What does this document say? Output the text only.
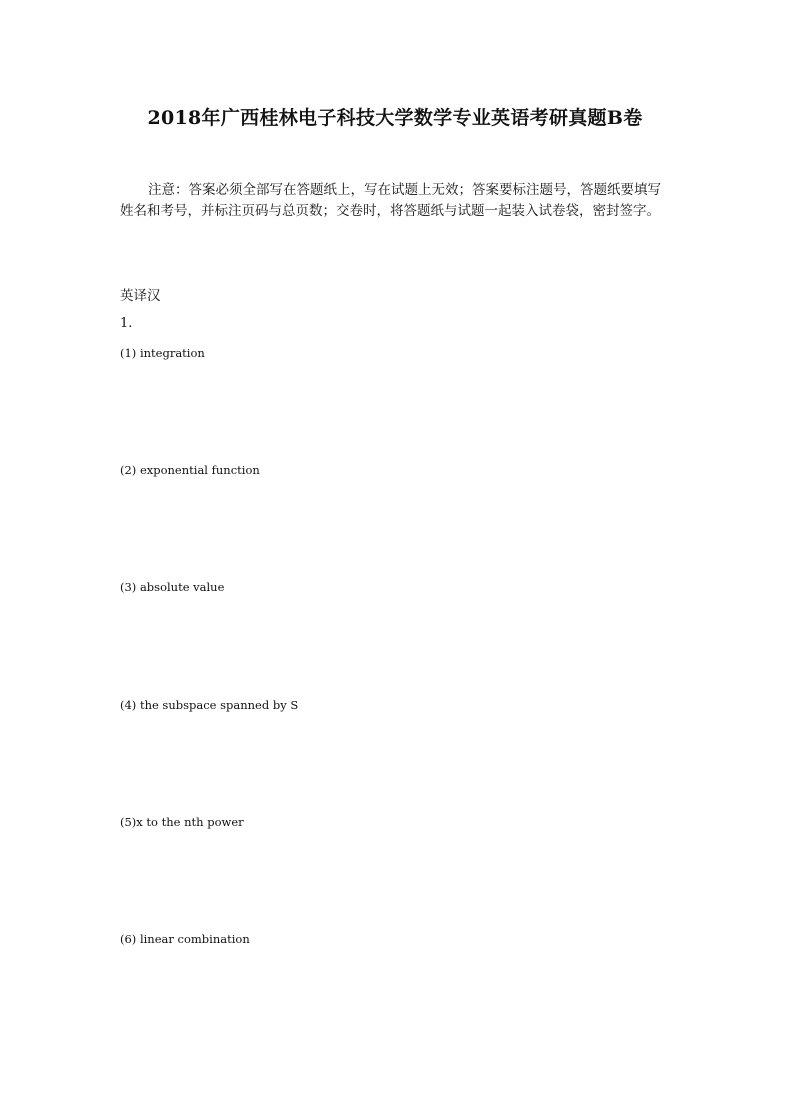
2018年广西桂林电子科技大学数学专业英语考研真题B卷

注意：答案必须全部写在答题纸上，写在试题上无效；答案要标注题号，答题纸要填写姓名和考号，并标注页码与总页数；交卷时，将答题纸与试题一起装入试卷袋，密封签字。

英译汉
1.
(1) integration
(2) exponential function
(3) absolute value
(4) the subspace spanned by S
(5)x to the nth power
(6) linear combination
